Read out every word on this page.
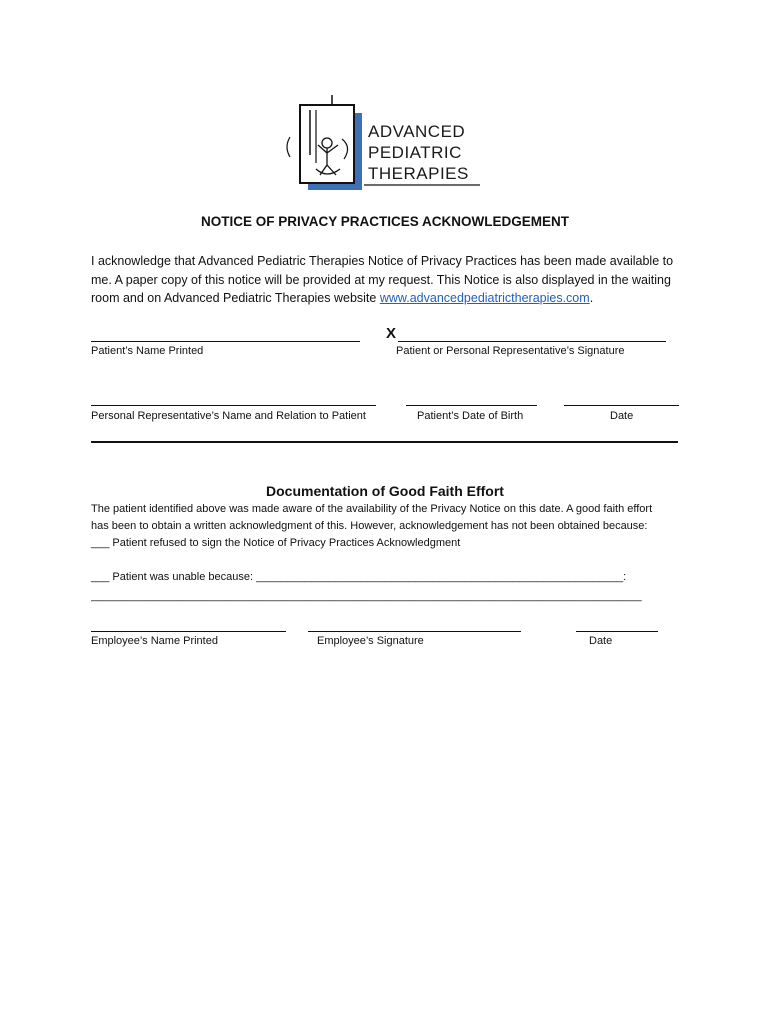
ADVANCED
PEDIATRIC
THERAPIES
NOTICE OF PRIVACY PRACTICES ACKNOWLEDGEMENT
I acknowledge that Advanced Pediatric Therapies Notice of Privacy Practices has been made available to me. A paper copy of this notice will be provided at my request. This Notice is also displayed in the waiting room and on Advanced Pediatric Therapies website www.advancedpediatrictherapies.com.
X
Patient’s Name Printed	Patient or Personal Representative’s Signature
Personal Representative’s Name and Relation to Patient	Patient’s Date of Birth	Date
Documentation of Good Faith Effort
The patient identified above was made aware of the availability of the Privacy Notice on this date. A good faith effort
has been to obtain a written acknowledgment of this. However, acknowledgement has not been obtained because:
___ Patient refused to sign the Notice of Privacy Practices Acknowledgment
___ Patient was unable because: ____________________________________________________________:
__________________________________________________________________________________________
Employee’s Name Printed	Employee’s Signature	Date
